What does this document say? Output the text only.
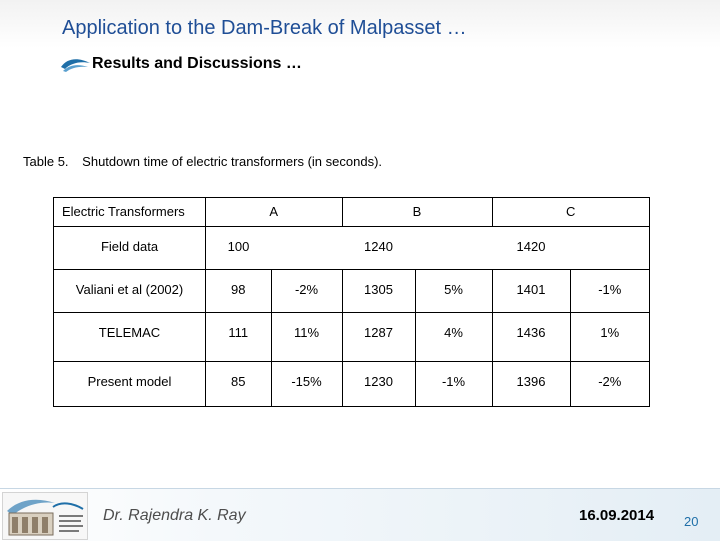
Application to the Dam-Break of Malpasset …
Results and Discussions …
Table 5. Shutdown time of electric transformers (in seconds).
Electric Transformers	A		B		C	

Field data	100		1240		1420	

Valiani et al (2002)	98	-2%	1305	5%	1401	-1%

TELEMAC	111	11%	1287	4%	1436	1%

Present model	85	-15%	1230	-1%	1396	-2%
Dr. Rajendra K. Ray	16.09.2014 20
